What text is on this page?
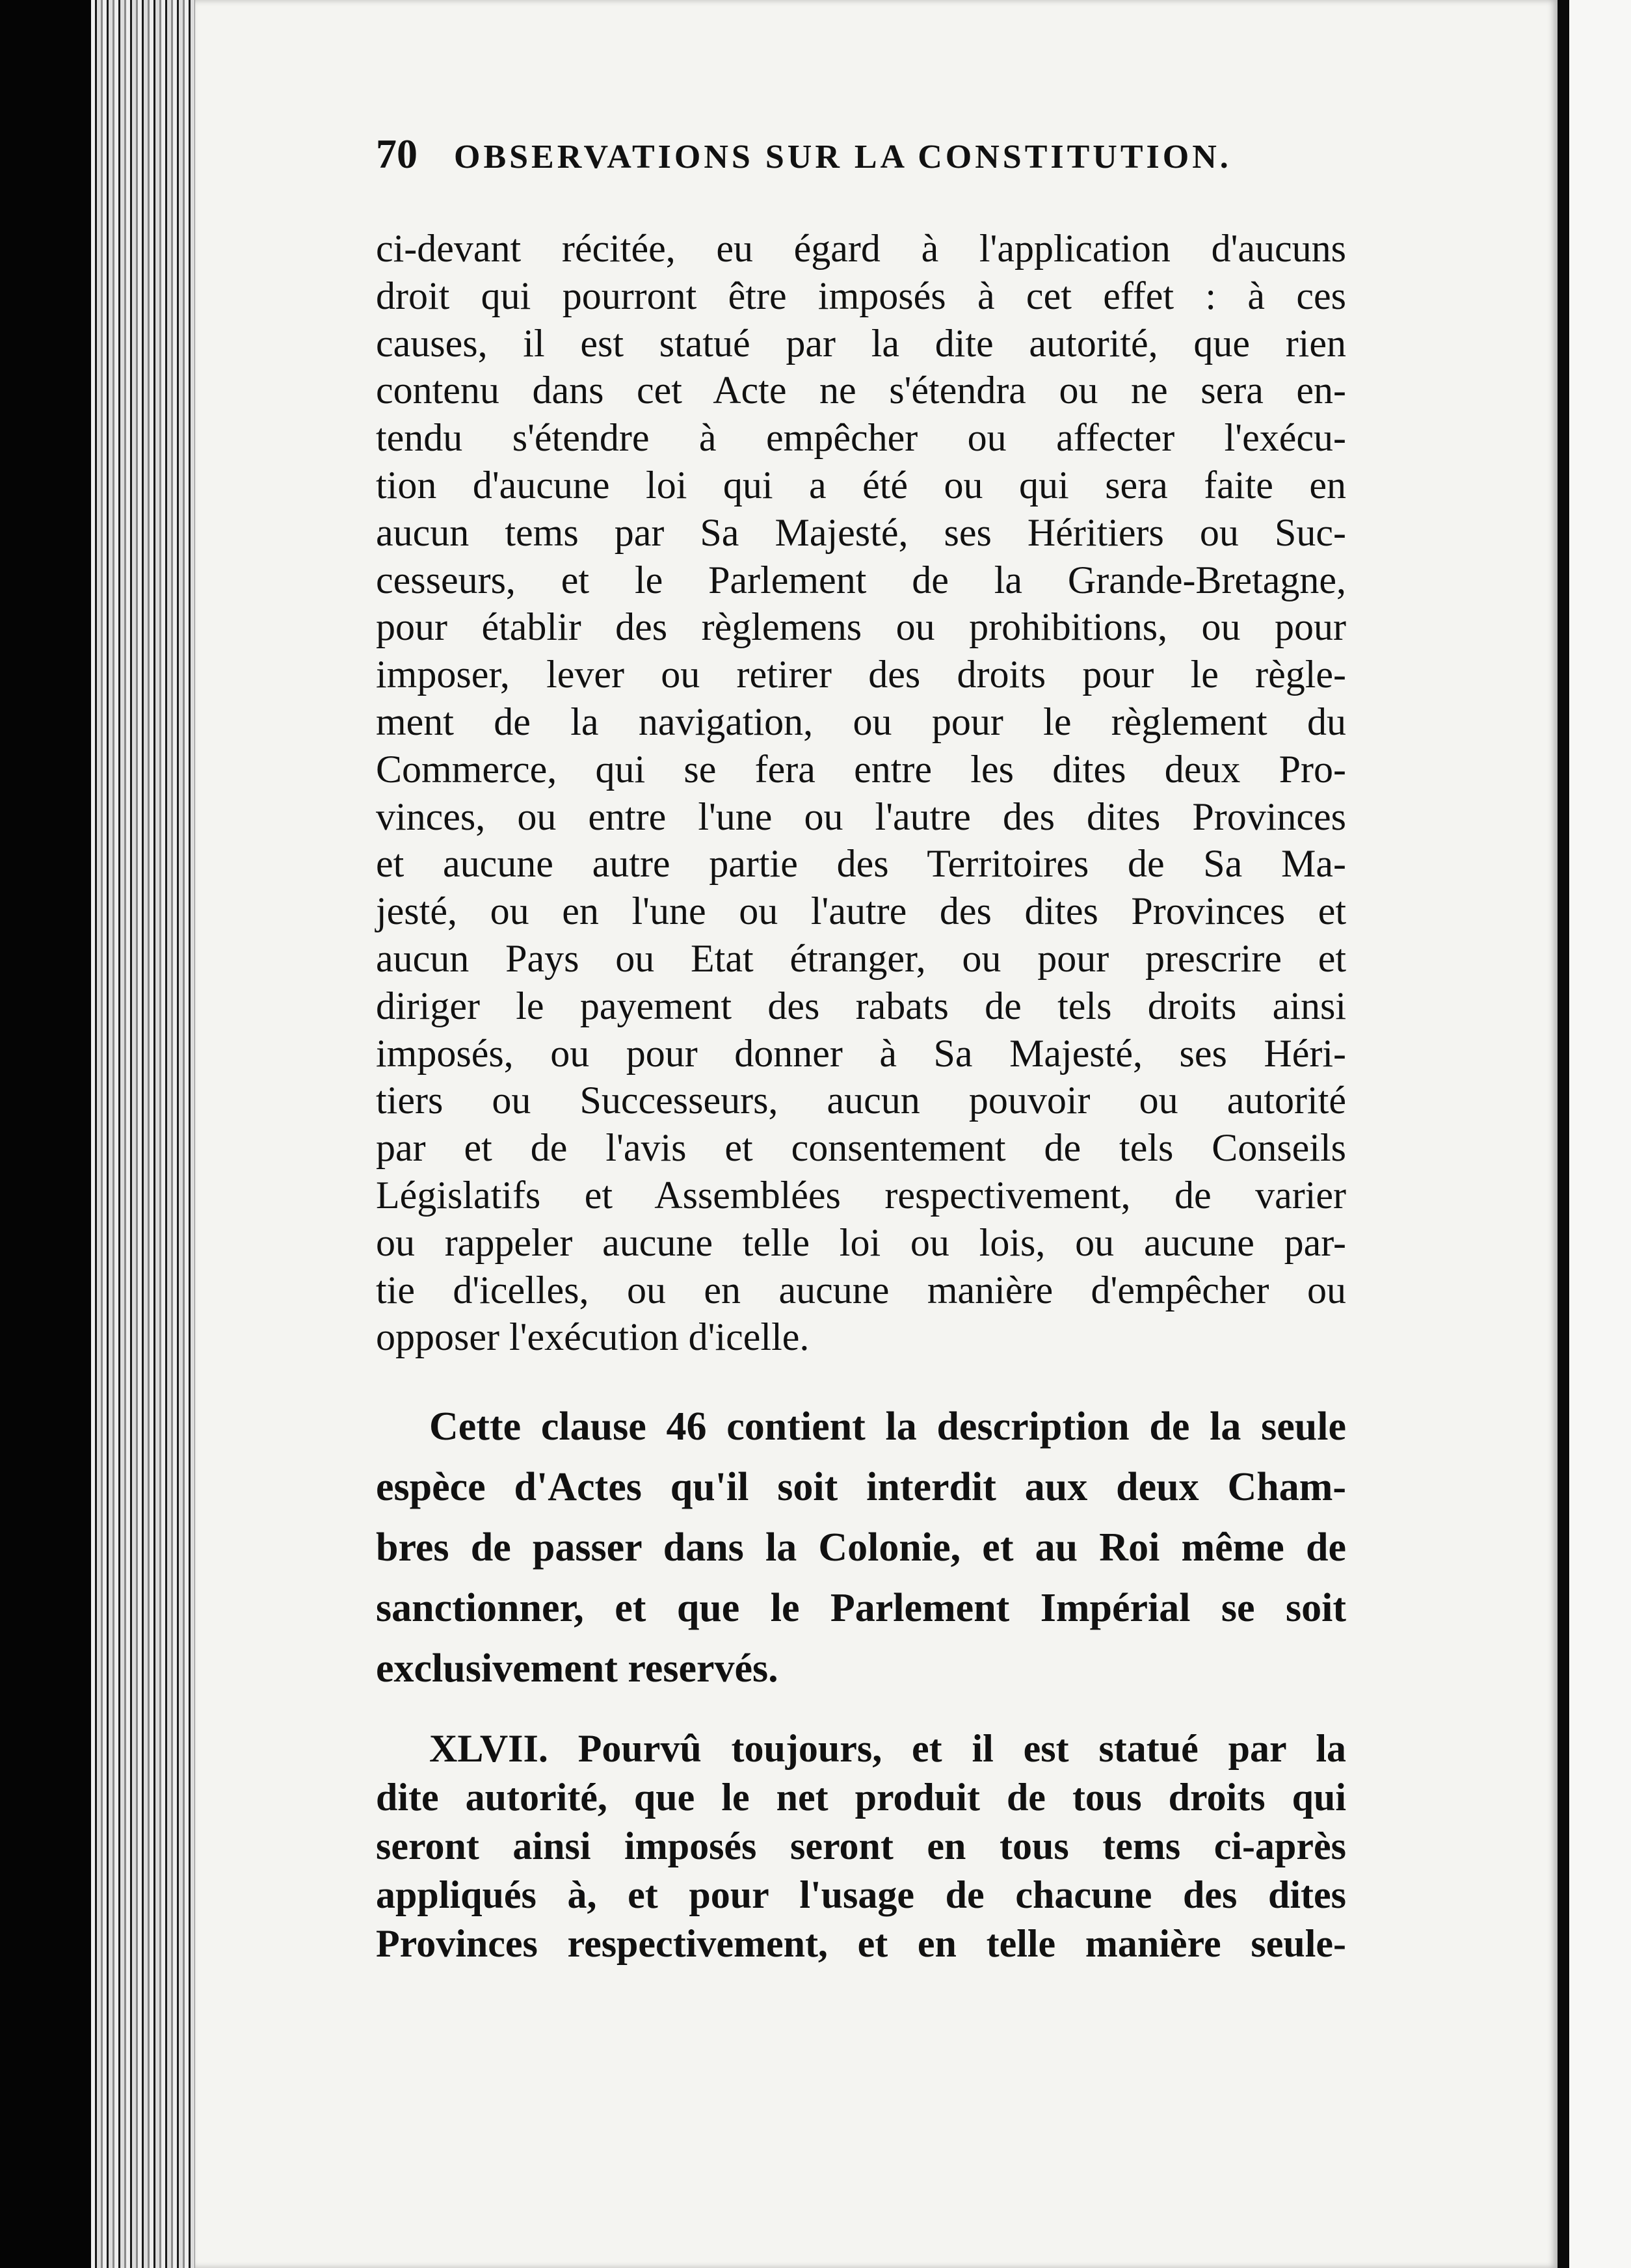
70 OBSERVATIONS SUR LA CONSTITUTION.
ci-devant récitée, eu égard à l'application d'aucuns
droit qui pourront être imposés à cet effet : à ces
causes, il est statué par la dite autorité, que rien
contenu dans cet Acte ne s'étendra ou ne sera en-
tendu s'étendre à empêcher ou affecter l'exécu-
tion d'aucune loi qui a été ou qui sera faite en
aucun tems par Sa Majesté, ses Héritiers ou Suc-
cesseurs, et le Parlement de la Grande-Bretagne,
pour établir des règlemens ou prohibitions, ou pour
imposer, lever ou retirer des droits pour le règle-
ment de la navigation, ou pour le règlement du
Commerce, qui se fera entre les dites deux Pro-
vinces, ou entre l'une ou l'autre des dites Provinces
et aucune autre partie des Territoires de Sa Ma-
jesté, ou en l'une ou l'autre des dites Provinces et
aucun Pays ou Etat étranger, ou pour prescrire et
diriger le payement des rabats de tels droits ainsi
imposés, ou pour donner à Sa Majesté, ses Héri-
tiers ou Successeurs, aucun pouvoir ou autorité
par et de l'avis et consentement de tels Conseils
Législatifs et Assemblées respectivement, de varier
ou rappeler aucune telle loi ou lois, ou aucune par-
tie d'icelles, ou en aucune manière d'empêcher ou
opposer l'exécution d'icelle.
Cette clause 46 contient la description de la seule
espèce d'Actes qu'il soit interdit aux deux Cham-
bres de passer dans la Colonie, et au Roi même de
sanctionner, et que le Parlement Impérial se soit
exclusivement reservés.
XLVII. Pourvû toujours, et il est statué par la
dite autorité, que le net produit de tous droits qui
seront ainsi imposés seront en tous tems ci-après
appliqués à, et pour l'usage de chacune des dites
Provinces respectivement, et en telle manière seule-
